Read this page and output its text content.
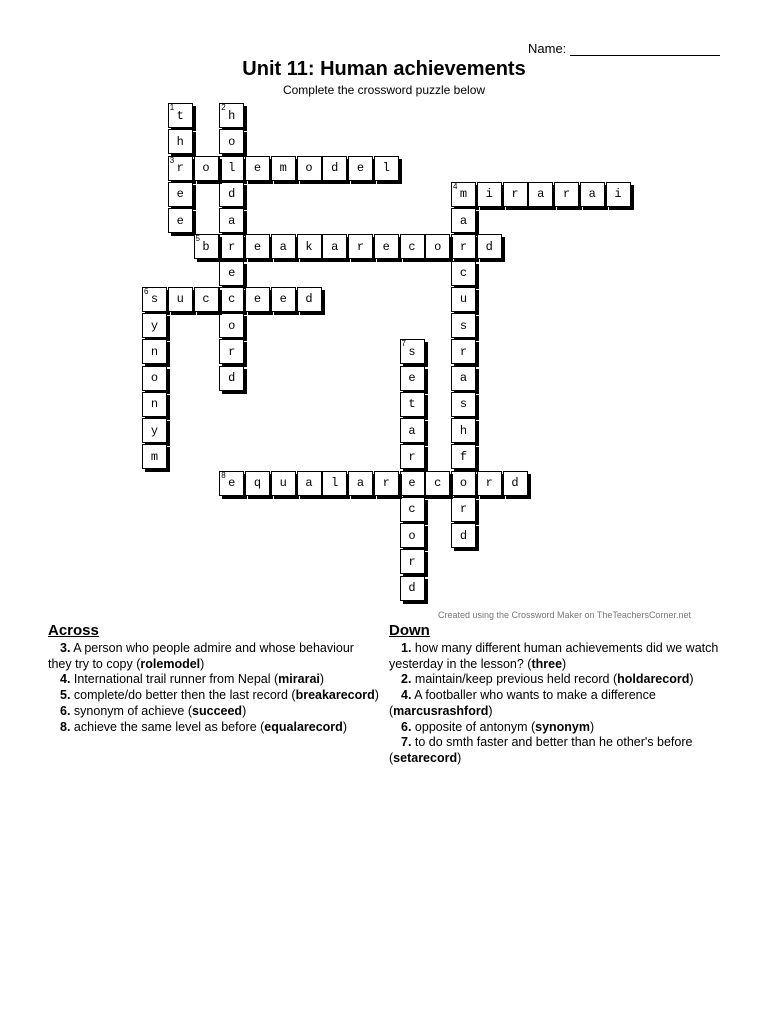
Name:
Unit 11: Human achievements
Complete the crossword puzzle below
t
1
h
r
3
e
e
h
2
o
l
d
a
r
e
c
o
r
d
o	e m o d e l
m
4
i r a r a i
a
r
c
u
s
r
a
s
h
f
o
r
d
b
5
e a k a r e c o	d
s
6
u c	e e d
y
n
o
n
y
m
s
7
e
t
a
r
e
c
o
r
d
e
8
q u a l a r	c	r d
Created using the Crossword Maker on TheTeachersCorner.net
Across
3. A person who people admire and whose behaviour they try to copy (rolemodel)
4. International trail runner from Nepal (mirarai)
5. complete/do better then the last record (breakarecord)
6. synonym of achieve (succeed)
8. achieve the same level as before (equalarecord)
Down
1. how many different human achievements did we watch yesterday in the lesson? (three)
2. maintain/keep previous held record (holdarecord)
4. A footballer who wants to make a difference (marcusrashford)
6. opposite of antonym (synonym)
7. to do smth faster and better than he other's before (setarecord)
